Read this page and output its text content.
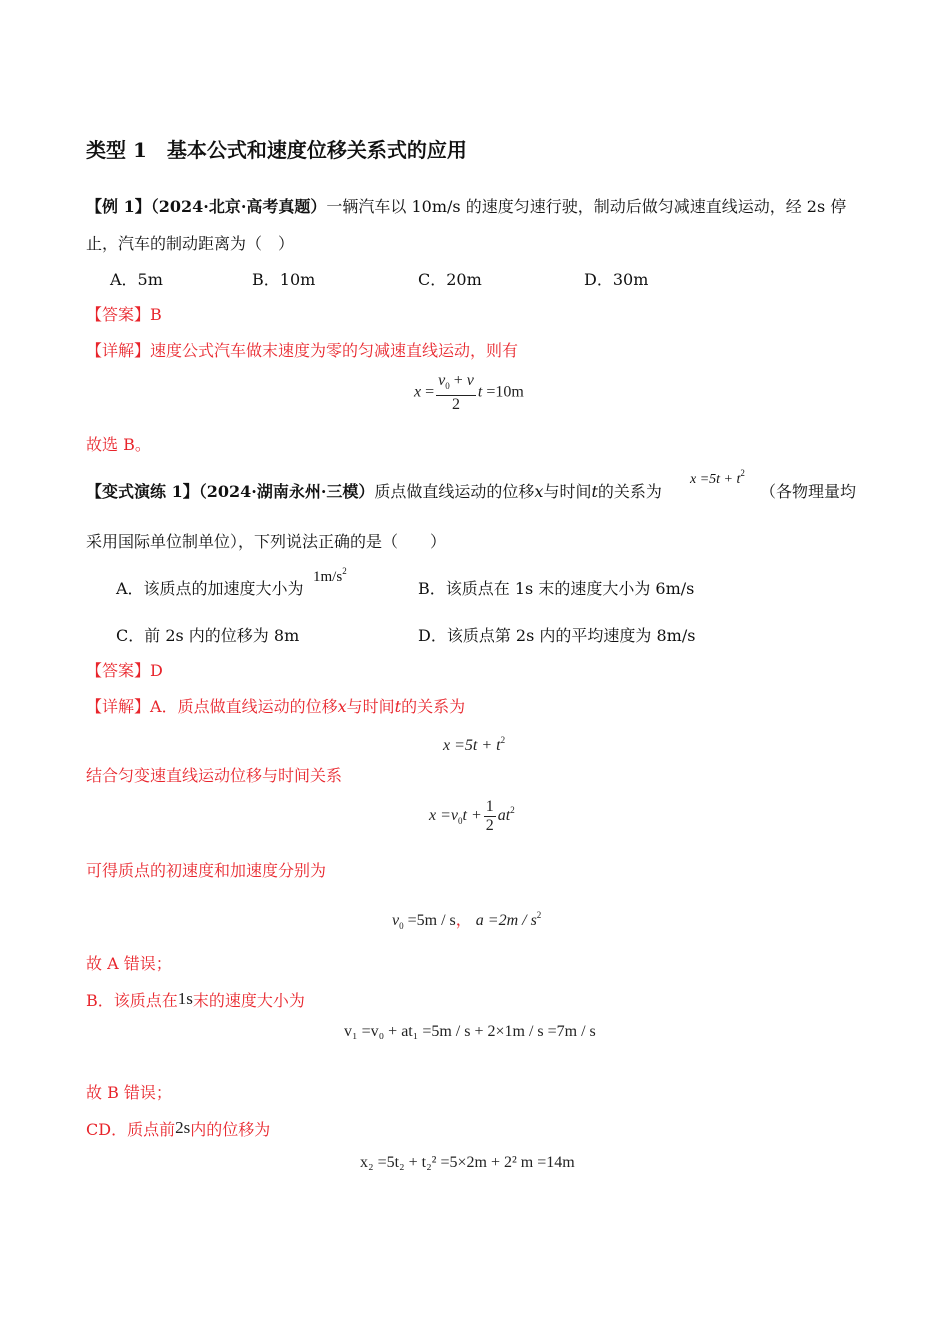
类型 1　基本公式和速度位移关系式的应用
【例 1】（2024·北京·高考真题）一辆汽车以 10m/s 的速度匀速行驶，制动后做匀减速直线运动，经 2s 停
止，汽车的制动距离为（　）
A．5m	B．10m	C．20m	D．30m
【答案】B
【详解】速度公式汽车做末速度为零的匀减速直线运动，则有
$x = \frac{v_0 + v}{2}$ t =10m
故选 B。
【变式演练 1】（2024·湖南永州·三模）质点做直线运动的位移x与时间t的关系为
$x =5t + t^2$
（各物理量均
采用国际单位制单位），下列说法正确的是（　　）
A．该质点的加速度大小为
$1m/s^2$
B．该质点在 1s 末的速度大小为 6m/s
C．前 2s 内的位移为 8m	D．该质点第 2s 内的平均速度为 8m/s
【答案】D
【详解】A．质点做直线运动的位移x与时间t的关系为
$x =5t + t^2$
结合匀变速直线运动位移与时间关系
$x =v_0t + \frac{1}{2} at^2$
可得质点的初速度和加速度分别为
$v_0 =5m / s$， $a =2m / s^2$
故 A 错误；
B．该质点在1s末的速度大小为
v₁ =v₀ + at₁ =5m / s + 2×1m / s =7m / s
故 B 错误；
CD．质点前2s内的位移为
x₂ =5t₂ + t₂² =5×2m + 2² m =14m
